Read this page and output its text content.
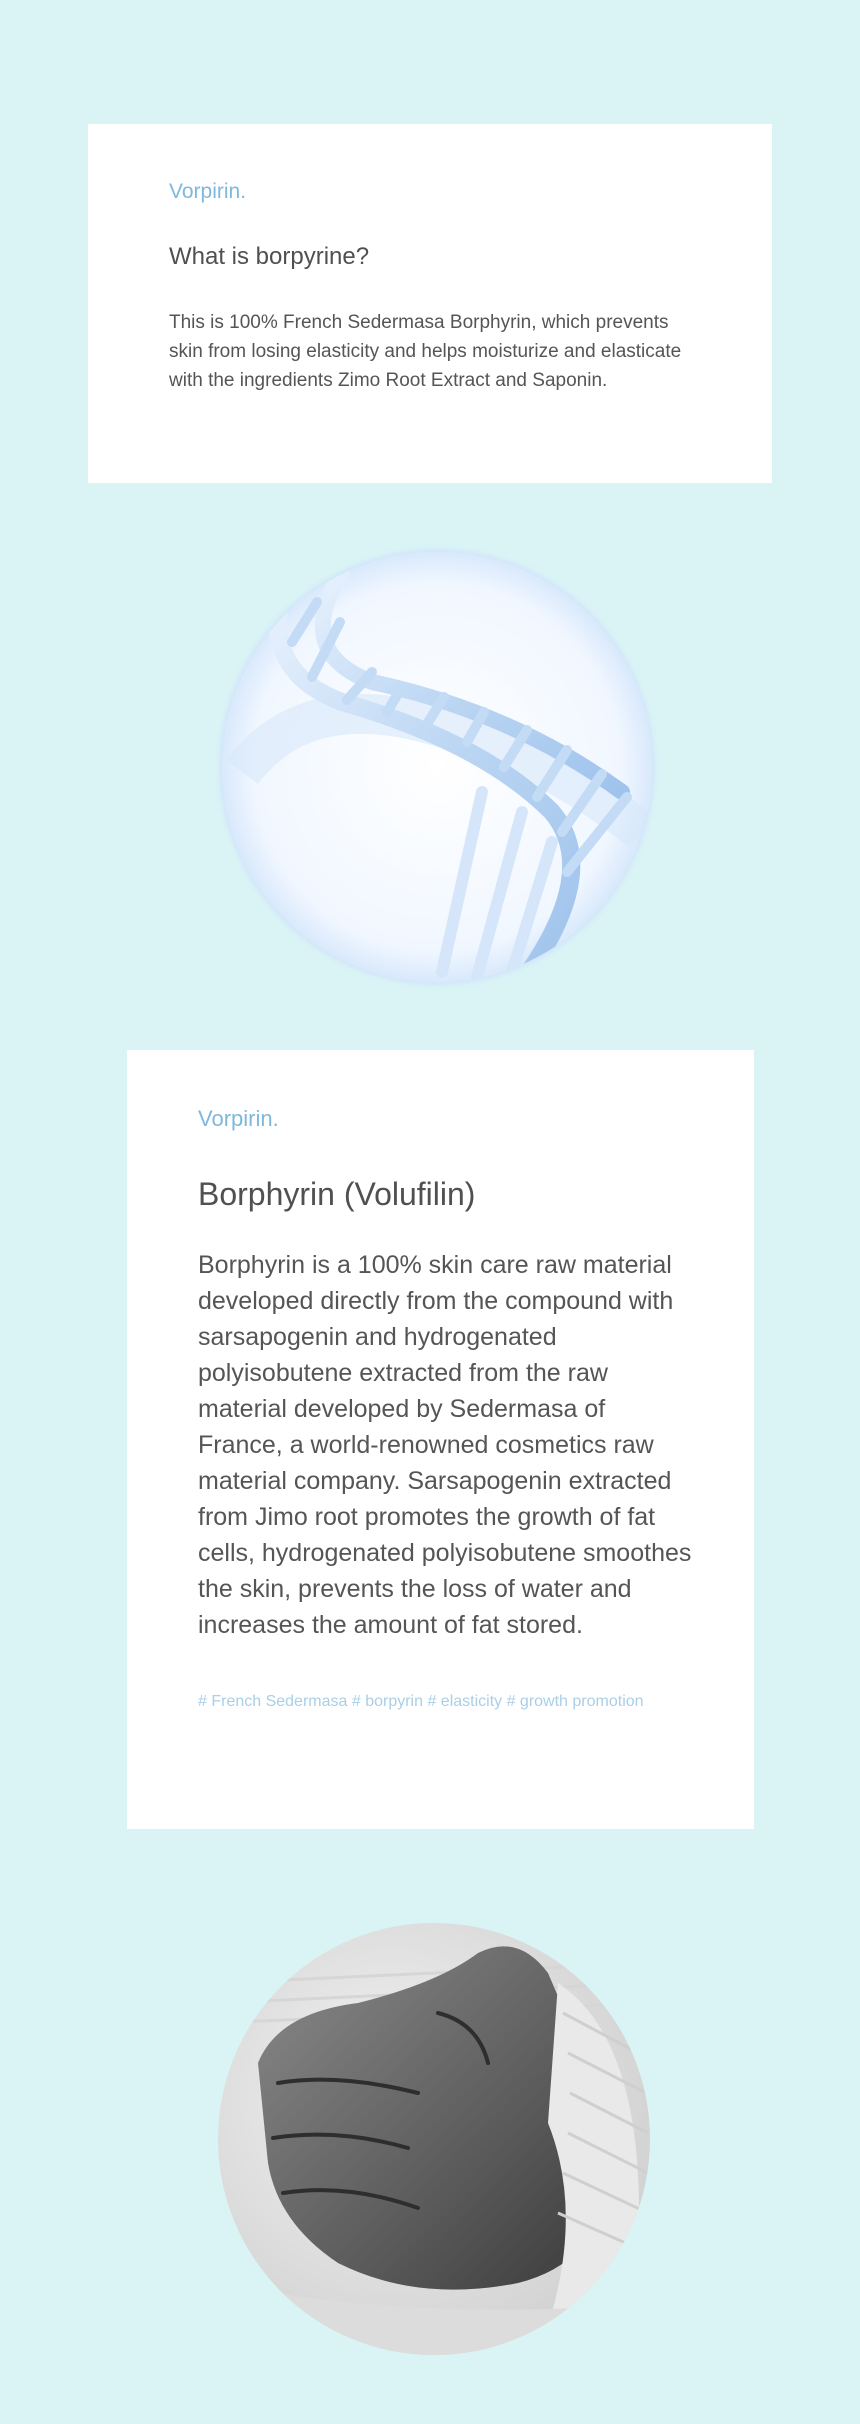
Vorpirin.

What is borpyrine?

This is 100% French Sedermasa Borphyrin, which prevents skin from losing elasticity and helps moisturize and elasticate with the ingredients Zimo Root Extract and Saponin.

Vorpirin.

Borphyrin (Volufilin)

Borphyrin is a 100% skin care raw material developed directly from the compound with sarsapogenin and hydrogenated polyisobutene extracted from the raw material developed by Sedermasa of France, a world-renowned cosmetics raw material company. Sarsapogenin extracted from Jimo root promotes the growth of fat cells, hydrogenated polyisobutene smoothes the skin, prevents the loss of water and increases the amount of fat stored.

# French Sedermasa # borpyrin # elasticity # growth promotion
